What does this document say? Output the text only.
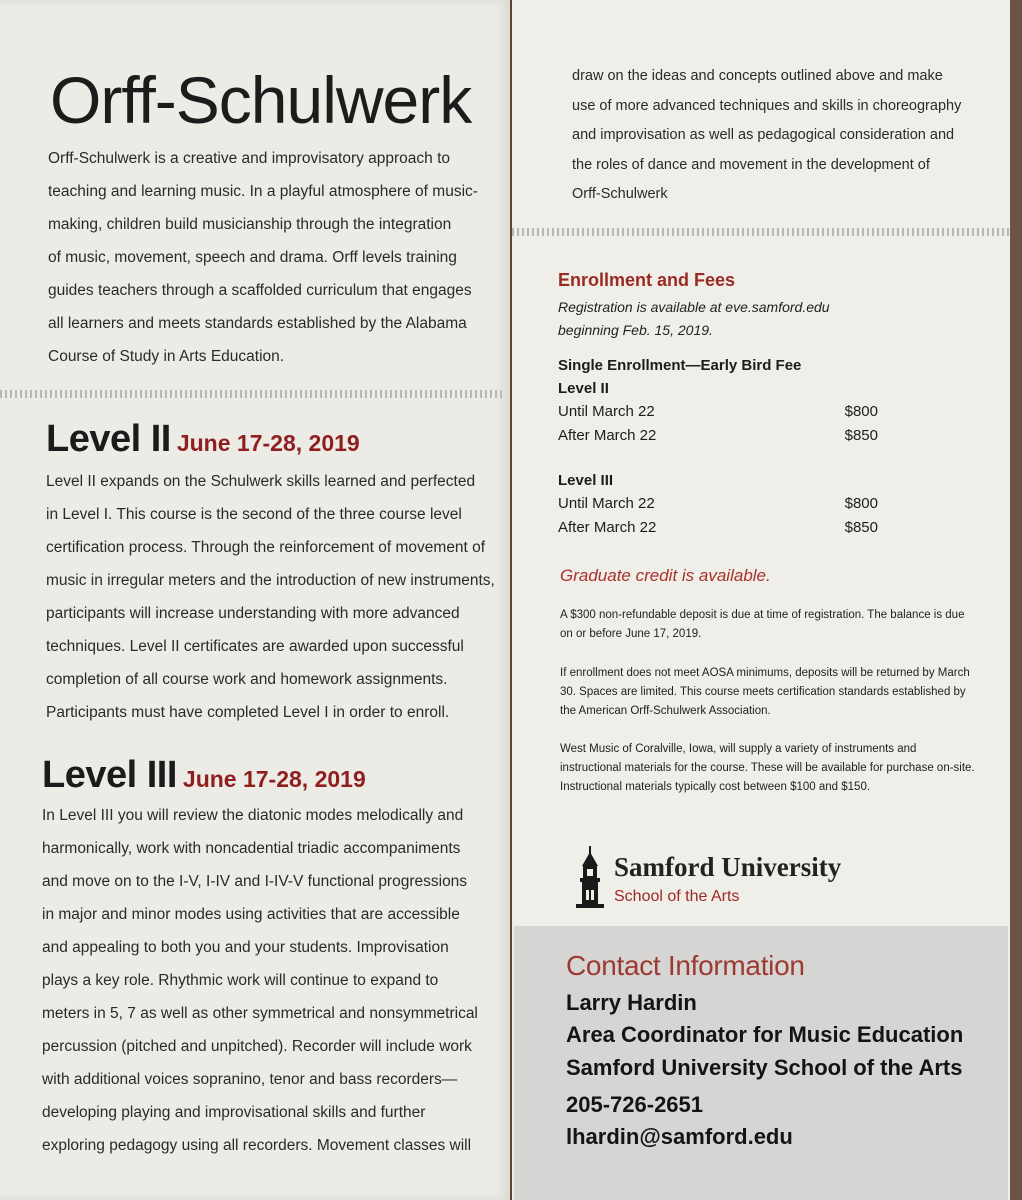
Orff-Schulwerk
Orff-Schulwerk is a creative and improvisatory approach to
teaching and learning music. In a playful atmosphere of music-
making, children build musicianship through the integration
of music, movement, speech and drama. Orff levels training
guides teachers through a scaffolded curriculum that engages
all learners and meets standards established by the Alabama
Course of Study in Arts Education.
Level II June 17-28, 2019
Level II expands on the Schulwerk skills learned and perfected
in Level I. This course is the second of the three course level
certification process. Through the reinforcement of movement of
music in irregular meters and the introduction of new instruments,
participants will increase understanding with more advanced
techniques. Level II certificates are awarded upon successful
completion of all course work and homework assignments.
Participants must have completed Level I in order to enroll.
Level III June 17-28, 2019
In Level III you will review the diatonic modes melodically and
harmonically, work with noncadential triadic accompaniments
and move on to the I-V, I-IV and I-IV-V functional progressions
in major and minor modes using activities that are accessible
and appealing to both you and your students. Improvisation
plays a key role. Rhythmic work will continue to expand to
meters in 5, 7 as well as other symmetrical and nonsymmetrical
percussion (pitched and unpitched). Recorder will include work
with additional voices sopranino, tenor and bass recorders—
developing playing and improvisational skills and further
exploring pedagogy using all recorders. Movement classes will
draw on the ideas and concepts outlined above and make
use of more advanced techniques and skills in choreography
and improvisation as well as pedagogical consideration and
the roles of dance and movement in the development of
Orff-Schulwerk
Enrollment and Fees
Registration is available at eve.samford.edu
beginning Feb. 15, 2019.
Single Enrollment—Early Bird Fee
Level II
Until March 22	$800
After March 22	$850
Level III
Until March 22	$800
After March 22	$850

Graduate credit is available.

A $300 non-refundable deposit is due at time of registration. The balance is due
on or before June 17, 2019.
If enrollment does not meet AOSA minimums, deposits will be returned by March
30. Spaces are limited. This course meets certification standards established by
the American Orff-Schulwerk Association.
West Music of Coralville, Iowa, will supply a variety of instruments and
instructional materials for the course. These will be available for purchase on-site.
Instructional materials typically cost between $100 and $150.

Samford University

School of the Arts

Contact Information

Larry Hardin

Area Coordinator for Music Education

Samford University School of the Arts

205-726-2651

lhardin@samford.edu
